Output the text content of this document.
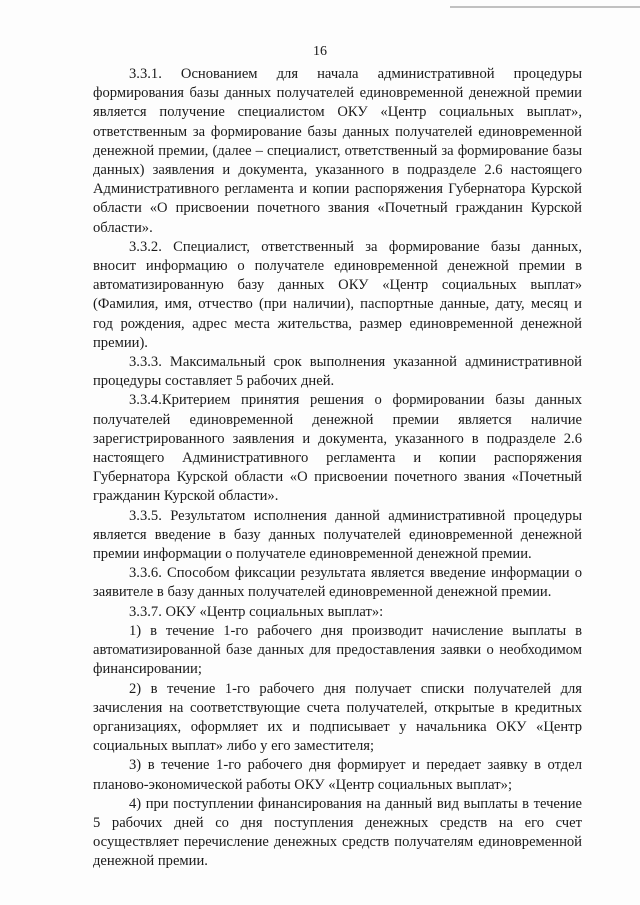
16

3.3.1. Основанием для начала административной процедуры формирования базы данных получателей единовременной денежной премии является получение специалистом ОКУ «Центр социальных выплат», ответственным за формирование базы данных получателей единовременной денежной премии, (далее – специалист, ответственный за формирование базы данных) заявления и документа, указанного в подразделе 2.6 настоящего Административного регламента и копии распоряжения Губернатора Курской области «О присвоении почетного звания «Почетный гражданин Курской области».

3.3.2. Специалист, ответственный за формирование базы данных, вносит информацию о получателе единовременной денежной премии в автоматизированную базу данных ОКУ «Центр социальных выплат» (Фамилия, имя, отчество (при наличии), паспортные данные, дату, месяц и год рождения, адрес места жительства, размер единовременной денежной премии).

3.3.3. Максимальный срок выполнения указанной административной процедуры составляет 5 рабочих дней.

3.3.4.Критерием принятия решения о формировании базы данных получателей единовременной денежной премии является наличие зарегистрированного заявления и документа, указанного в подразделе 2.6 настоящего Административного регламента и копии распоряжения Губернатора Курской области «О присвоении почетного звания «Почетный гражданин Курской области».

3.3.5. Результатом исполнения данной административной процедуры является введение в базу данных получателей единовременной денежной премии информации о получателе единовременной денежной премии.

3.3.6. Способом фиксации результата является введение информации о заявителе в базу данных получателей единовременной денежной премии.

3.3.7. ОКУ «Центр социальных выплат»:

1) в течение 1-го рабочего дня производит начисление выплаты в автоматизированной базе данных для предоставления заявки о необходимом финансировании;

2) в течение 1-го рабочего дня получает списки получателей для зачисления на соответствующие счета получателей, открытые в кредитных организациях, оформляет их и подписывает у начальника ОКУ «Центр социальных выплат» либо у его заместителя;

3) в течение 1-го рабочего дня формирует и передает заявку в отдел планово-экономической работы ОКУ «Центр социальных выплат»;

4) при поступлении финансирования на данный вид выплаты в течение 5 рабочих дней со дня поступления денежных средств на его счет осуществляет перечисление денежных средств получателям единовременной денежной премии.
